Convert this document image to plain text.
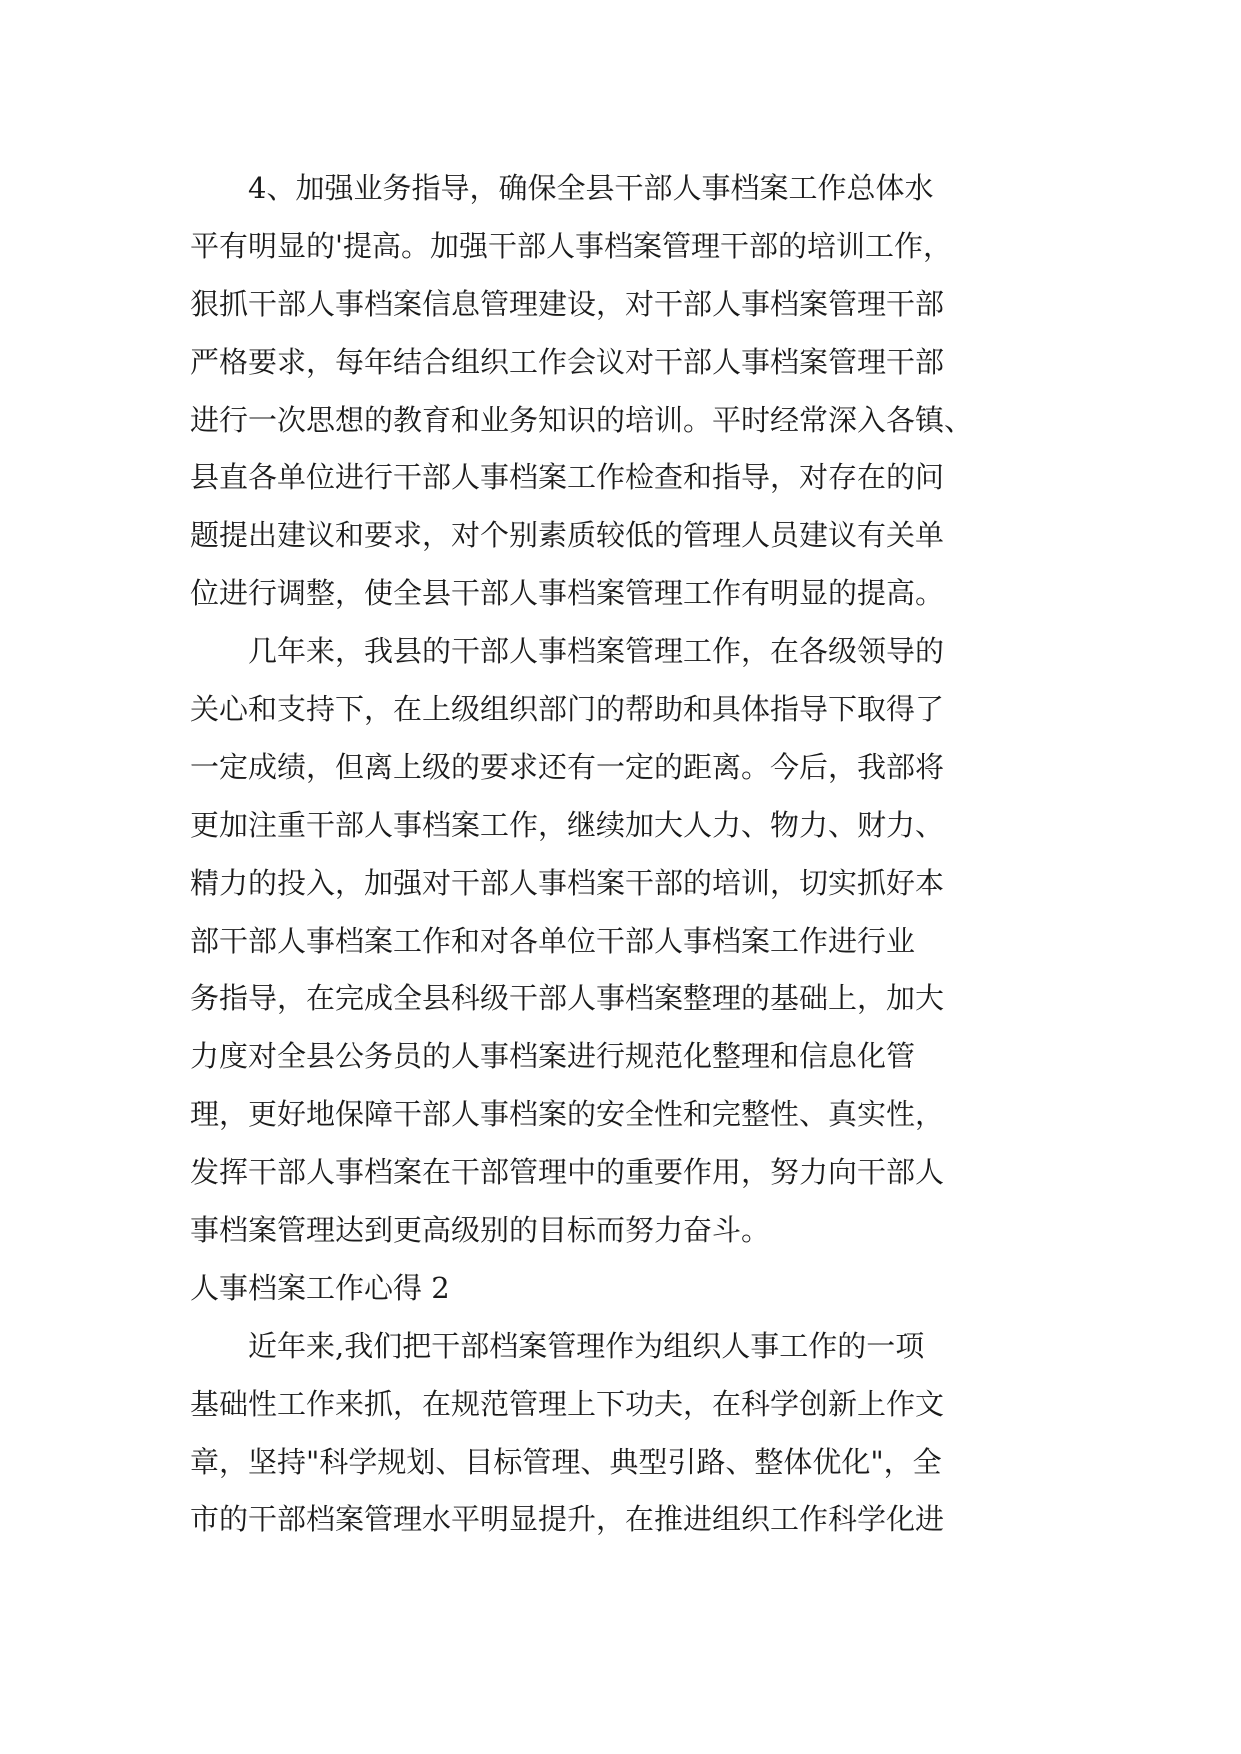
4、加强业务指导，确保全县干部人事档案工作总体水
平有明显的'提高。加强干部人事档案管理干部的培训工作，
狠抓干部人事档案信息管理建设，对干部人事档案管理干部
严格要求，每年结合组织工作会议对干部人事档案管理干部
进行一次思想的教育和业务知识的培训。平时经常深入各镇、
县直各单位进行干部人事档案工作检查和指导，对存在的问
题提出建议和要求，对个别素质较低的管理人员建议有关单
位进行调整，使全县干部人事档案管理工作有明显的提高。
几年来，我县的干部人事档案管理工作，在各级领导的
关心和支持下，在上级组织部门的帮助和具体指导下取得了
一定成绩，但离上级的要求还有一定的距离。今后，我部将
更加注重干部人事档案工作，继续加大人力、物力、财力、
精力的投入，加强对干部人事档案干部的培训，切实抓好本
部干部人事档案工作和对各单位干部人事档案工作进行业
务指导，在完成全县科级干部人事档案整理的基础上，加大
力度对全县公务员的人事档案进行规范化整理和信息化管
理，更好地保障干部人事档案的安全性和完整性、真实性，
发挥干部人事档案在干部管理中的重要作用，努力向干部人
事档案管理达到更高级别的目标而努力奋斗。
人事档案工作心得 2
近年来,我们把干部档案管理作为组织人事工作的一项
基础性工作来抓，在规范管理上下功夫，在科学创新上作文
章，坚持"科学规划、目标管理、典型引路、整体优化"，全
市的干部档案管理水平明显提升，在推进组织工作科学化进
